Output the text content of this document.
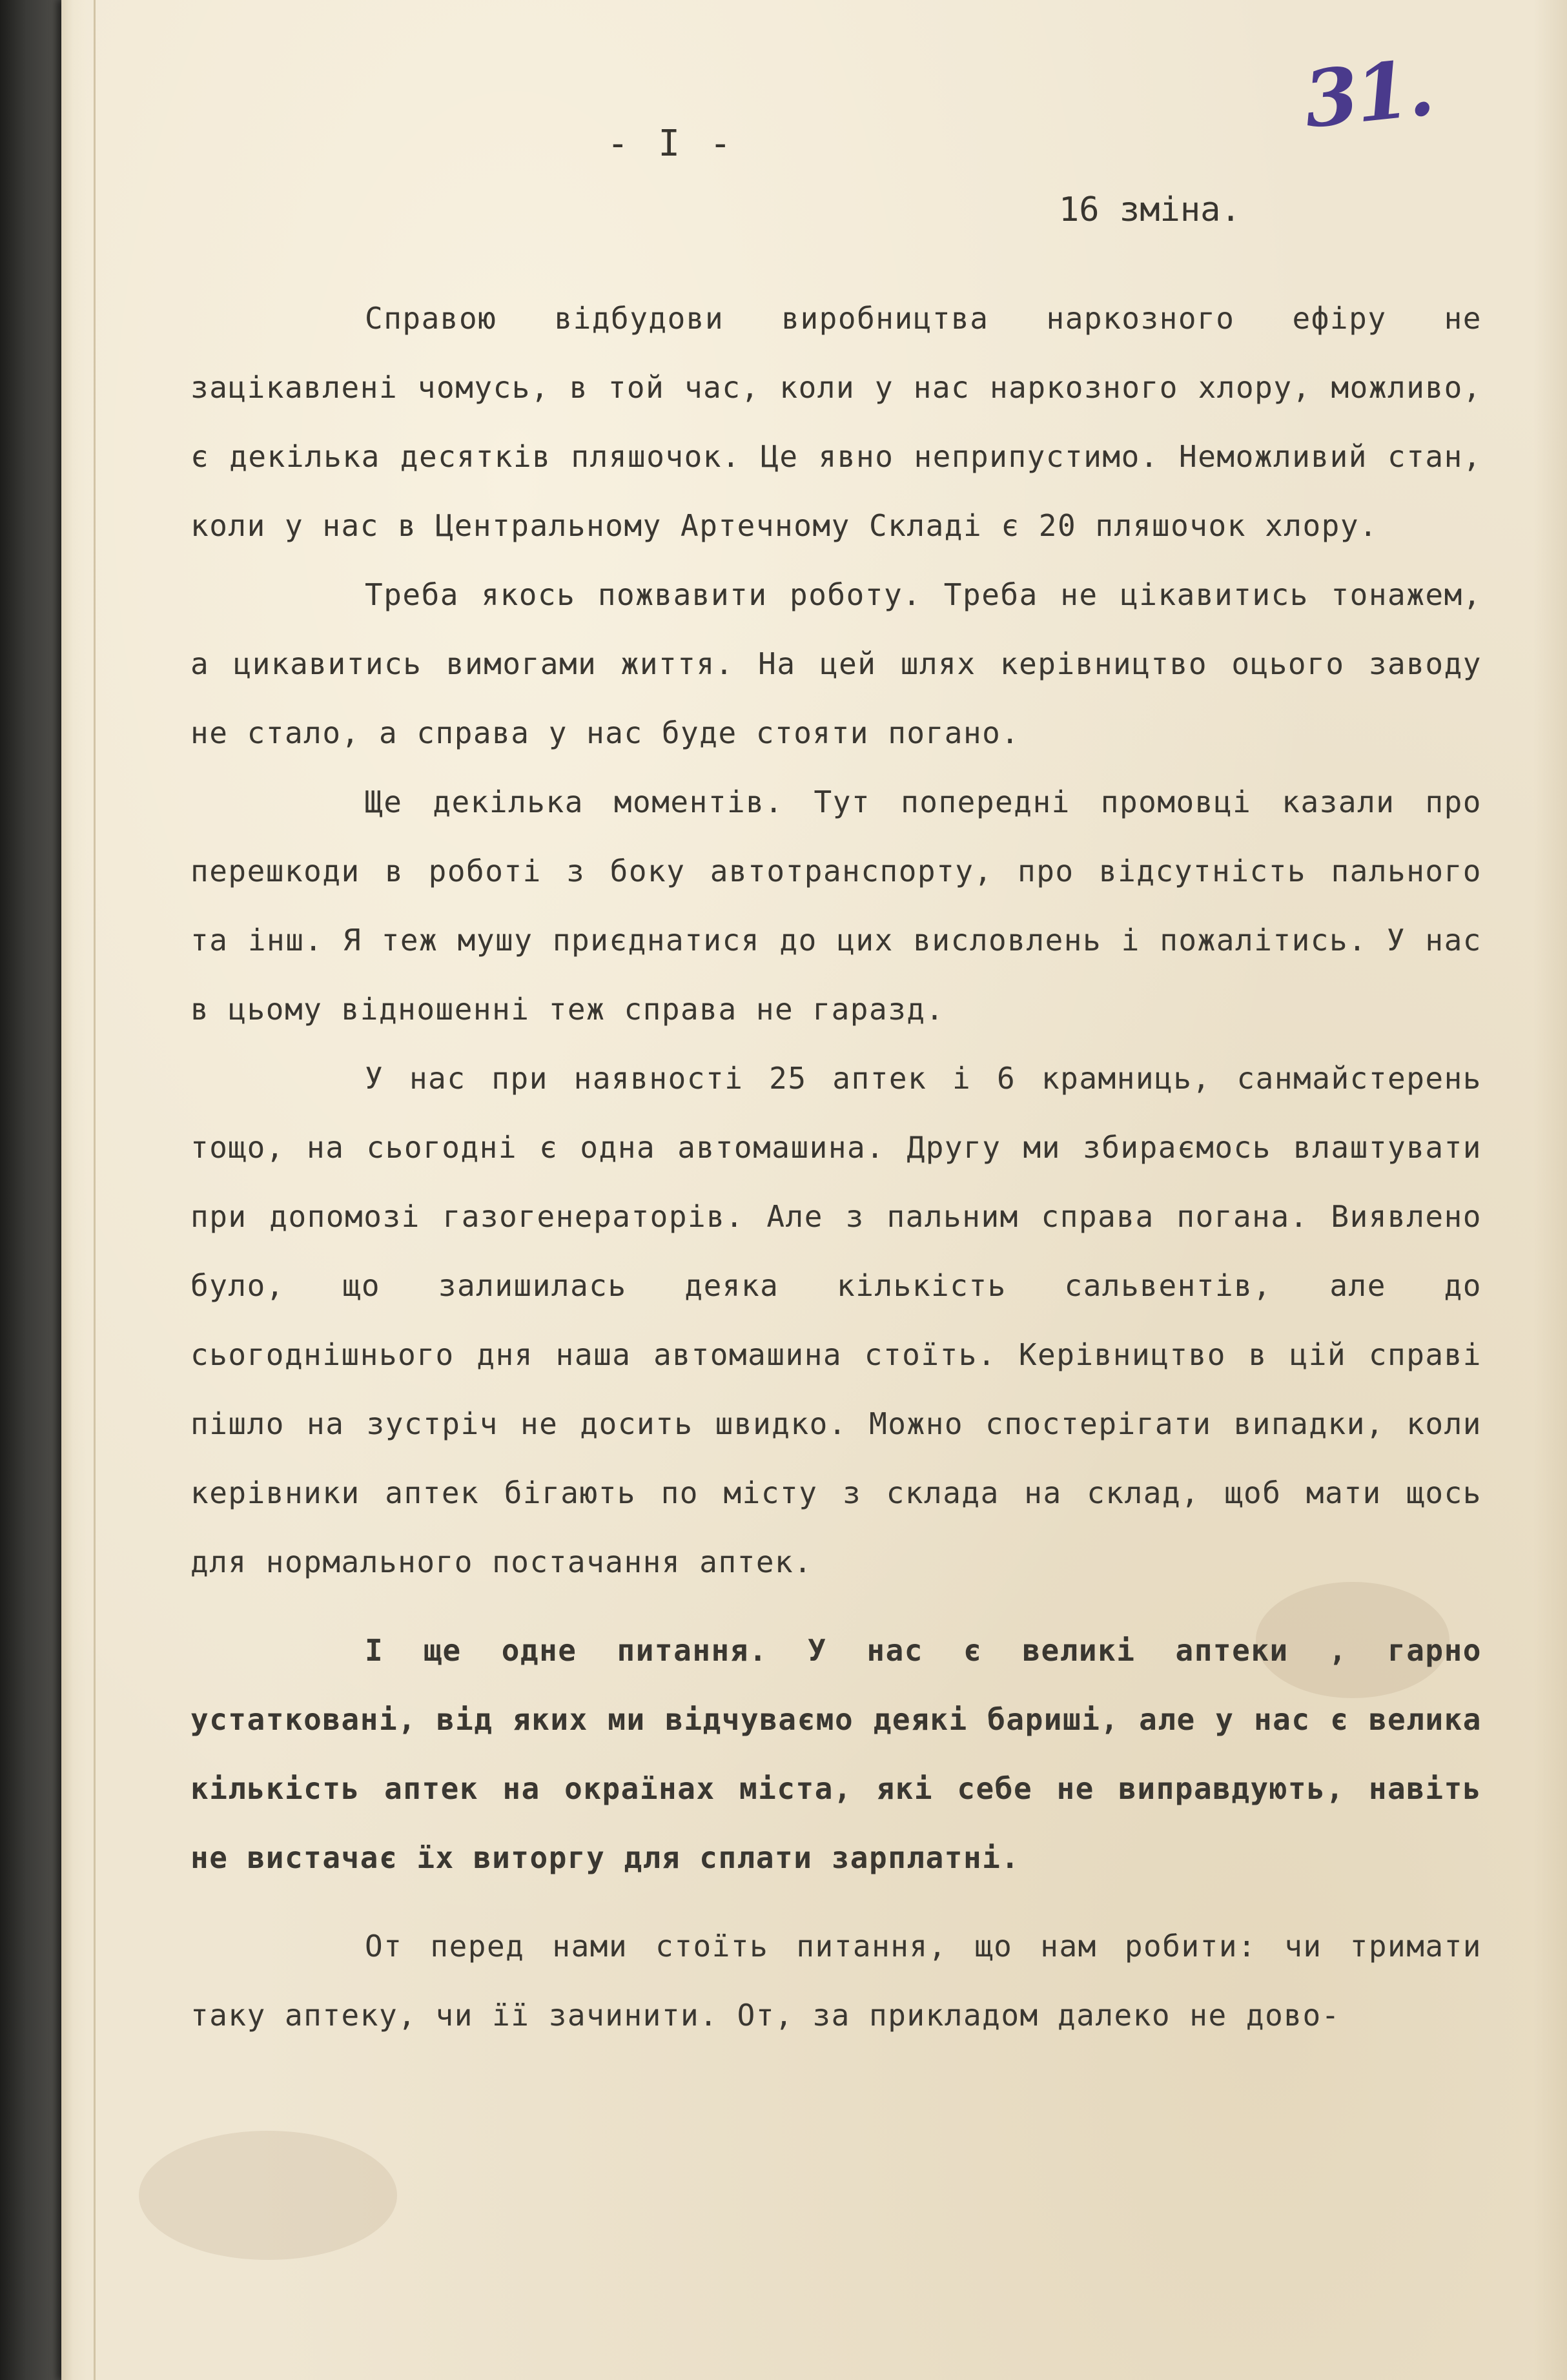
31.
- I -
16 зміна.

Справою відбудови виробництва наркозного ефіру не зацікавлені чомусь, в той час, коли у нас наркозного хлору, можливо, є декілька десятків пляшочок. Це явно неприпустимо. Неможливий стан, коли у нас в Центральному Артечному Складі є 20 пляшочок хлору.

Треба якось пожвавити роботу. Треба не цікавитись тонажем, а цикавитись вимогами життя. На цей шлях керівництво оцього заводу не стало, а справа у нас буде стояти погано.

Ще декілька моментів. Тут попередні промовці казали про перешкоди в роботі з боку автотранспорту, про відсутність пального та інш. Я теж мушу приєднатися до цих висловлень і пожалітись. У нас в цьому відношенні теж справа не гаразд.

У нас при наявності 25 аптек і 6 крамниць, санмайстерень тощо, на сьогодні є одна автомашина. Другу ми збираємось влаштувати при допомозі газогенераторів. Але з пальним справа погана. Виявлено було, що залишилась деяка кількість сальвентів, але до сьогоднішнього дня наша автомашина стоїть. Керівництво в цій справі пішло на зустріч не досить швидко. Можно спостерігати випадки, коли керівники аптек бігають по місту з склада на склад, щоб мати щось для нормального постачання аптек.

І ще одне питання. У нас є великі аптеки , гарно устатковані, від яких ми відчуваємо деякі бариші, але у нас є велика кількість аптек на окраїнах міста, які себе не виправдують, навіть не вистачає їх виторгу для сплати зарплатні.

От перед нами стоїть питання, що нам робити: чи тримати таку аптеку, чи її зачинити. От, за прикладом далеко не дово-
